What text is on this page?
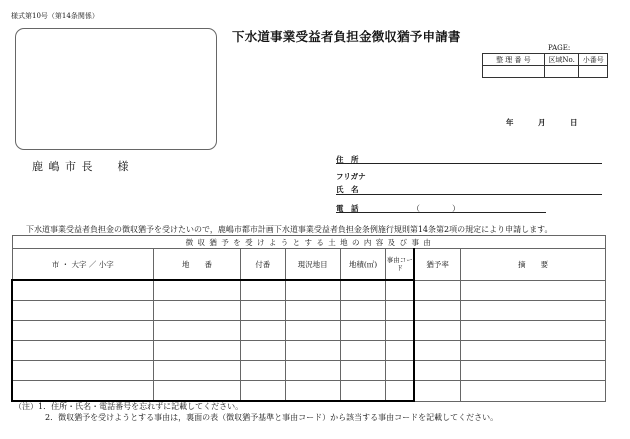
様式第10号（第14条関係）
下水道事業受益者負担金徴収猶予申請書
PAGE:
整 理 番 号	区域No.	小番号

年	月	日
鹿 嶋 市 長　　様
住　所
フリガナ
氏　名
電　話	（　　　　）
下水道事業受益者負担金の徴収猶予を受けたいので，鹿嶋市都市計画下水道事業受益者負担金条例施行規則第14条第2項の規定により申請します。
徴 収 猶 予 を 受 け よ う と す る 土 地 の 内 容 及 び 事 由							
市 ・ 大字 ／ 小字	地　　番	付番	現況地目	地積(㎡)	事由コード	猶予率	摘　　要

（注）1．住所・氏名・電話番号を忘れずに記載してください。
2．徴収猶予を受けようとする事由は，裏面の表（徴収猶予基準と事由コード）から該当する事由コードを記載してください。
